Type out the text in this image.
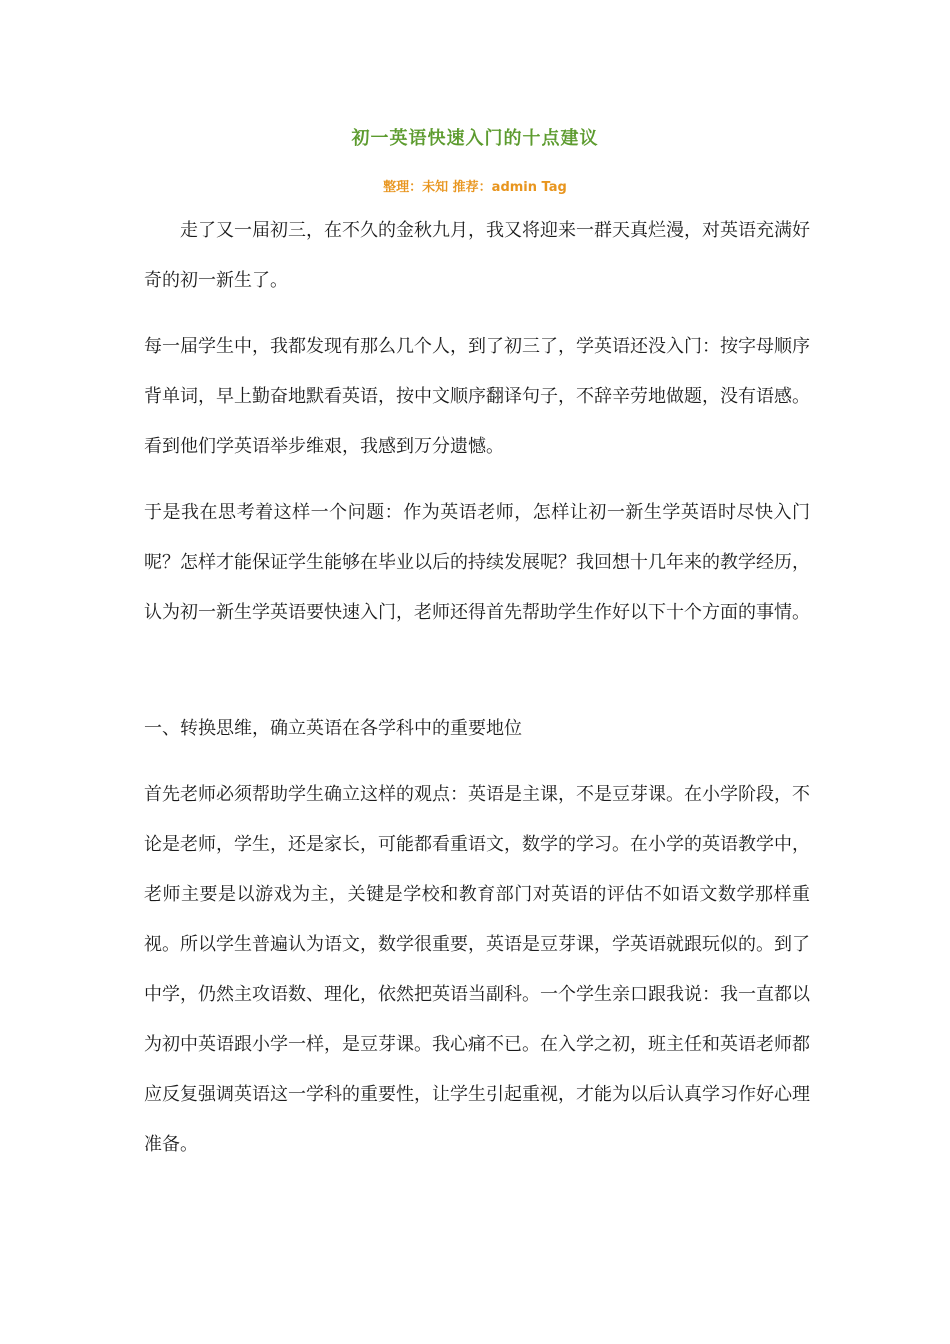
初一英语快速入门的十点建议
整理：未知 推荐：admin Tag

走了又一届初三，在不久的金秋九月，我又将迎来一群天真烂漫，对英语充满好奇的初一新生了。

每一届学生中，我都发现有那么几个人，到了初三了，学英语还没入门：按字母顺序背单词，早上勤奋地默看英语，按中文顺序翻译句子，不辞辛劳地做题，没有语感。看到他们学英语举步维艰，我感到万分遗憾。

于是我在思考着这样一个问题：作为英语老师，怎样让初一新生学英语时尽快入门呢？怎样才能保证学生能够在毕业以后的持续发展呢？我回想十几年来的教学经历，认为初一新生学英语要快速入门，老师还得首先帮助学生作好以下十个方面的事情。

一、转换思维，确立英语在各学科中的重要地位

首先老师必须帮助学生确立这样的观点：英语是主课，不是豆芽课。在小学阶段，不论是老师，学生，还是家长，可能都看重语文，数学的学习。在小学的英语教学中，老师主要是以游戏为主，关键是学校和教育部门对英语的评估不如语文数学那样重视。所以学生普遍认为语文，数学很重要，英语是豆芽课，学英语就跟玩似的。到了中学，仍然主攻语数、理化，依然把英语当副科。一个学生亲口跟我说：我一直都以为初中英语跟小学一样，是豆芽课。我心痛不已。在入学之初，班主任和英语老师都应反复强调英语这一学科的重要性，让学生引起重视，才能为以后认真学习作好心理准备。
